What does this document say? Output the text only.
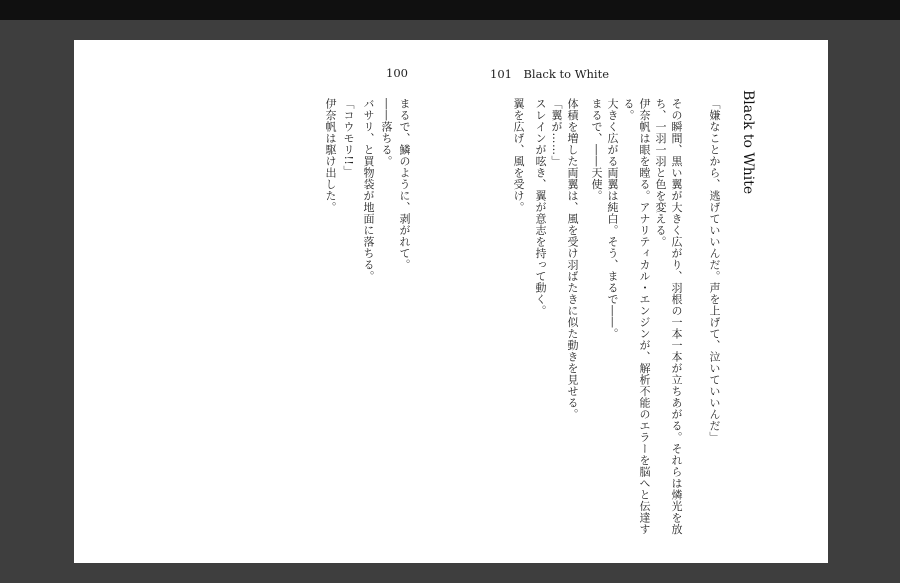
100	101　Black to White
Black to White
「嫌なことから、逃げていいんだ。声を上げて、泣いていいんだ」
その瞬間、黒い翼が大きく広がり、羽根の一本一本が立ちあがる。それらは燐光を放
ち、一羽一羽と色を変える。
伊奈帆は眼を瞠る。アナリティカル・エンジンが、解析不能のエラーを脳へと伝達す
る。
大きく広がる両翼は純白。そう、まるで――。
まるで、――天使。
体積を増した両翼は、風を受け羽ばたきに似た動きを見せる。
「翼が……」
スレインが呟き、翼が意志を持って動く。
翼を広げ、風を受け。
まるで、鱗のように、剥がれて。
――落ちる。
バサリ、と買物袋が地面に落ちる。
「コウモリ!!」
伊奈帆は駆け出した。
